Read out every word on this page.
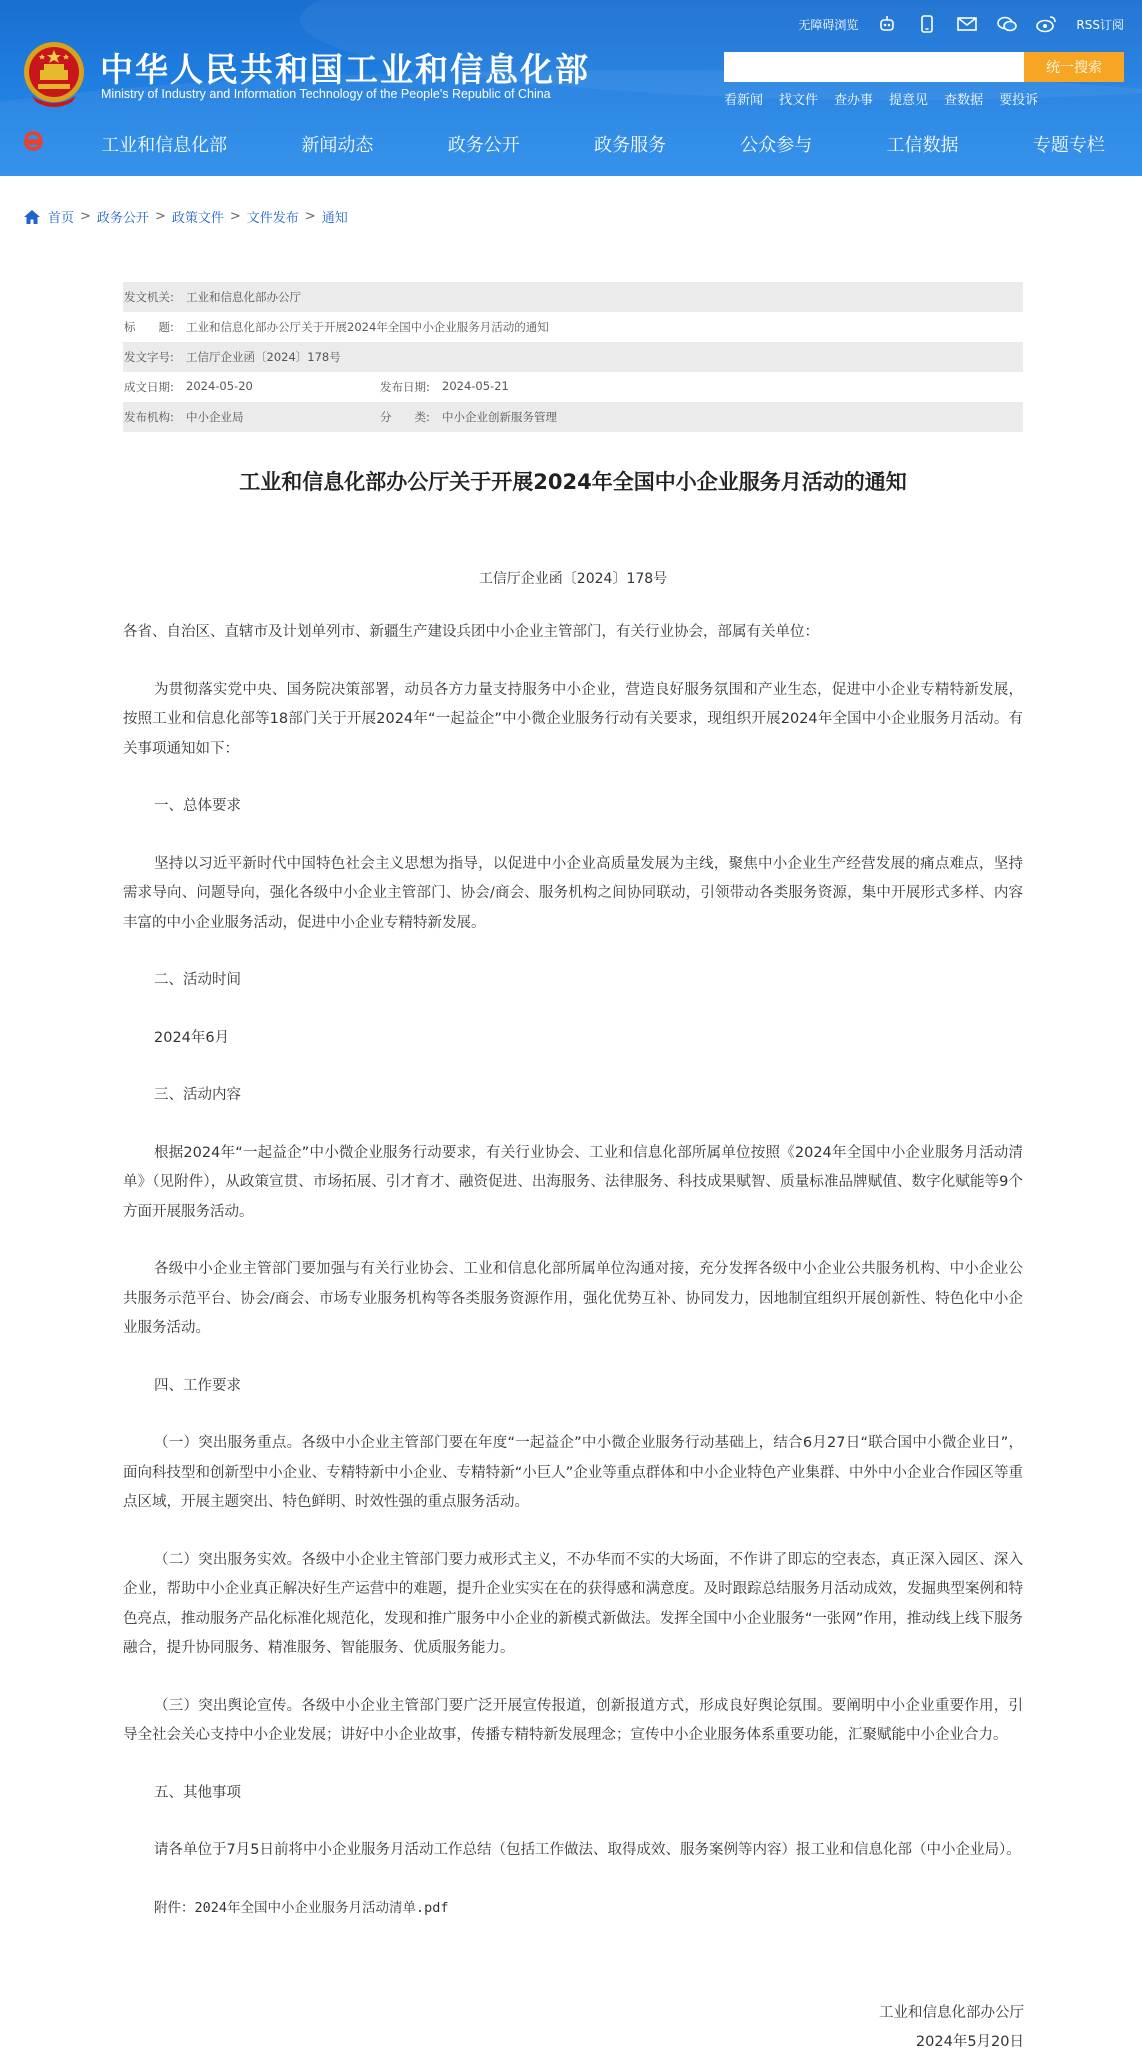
中华人民共和国工业和信息化部
Ministry of Industry and Information Technology of the People's Republic of China
无障碍浏览	RSS订阅
统一搜索
看新闻 找文件 查办事 提意见 查数据 要投诉
工业和信息化部	新闻动态	政务公开	政务服务	公众参与	工信数据	专题专栏
首页 > 政务公开 > 政策文件 > 文件发布 > 通知
发文机关:	工业和信息化部办公厅
标　　题:	工业和信息化部办公厅关于开展2024年全国中小企业服务月活动的通知
发文字号:	工信厅企业函〔2024〕178号
成文日期:	2024-05-20	发布日期:	2024-05-21
发布机构:	中小企业局	分　　类:	中小企业创新服务管理
工业和信息化部办公厅关于开展2024年全国中小企业服务月活动的通知
工信厅企业函〔2024〕178号

各省、自治区、直辖市及计划单列市、新疆生产建设兵团中小企业主管部门，有关行业协会，部属有关单位：

为贯彻落实党中央、国务院决策部署，动员各方力量支持服务中小企业，营造良好服务氛围和产业生态，促进中小企业专精特新发展，按照工业和信息化部等18部门关于开展2024年“一起益企”中小微企业服务行动有关要求，现组织开展2024年全国中小企业服务月活动。有关事项通知如下：

一、总体要求

坚持以习近平新时代中国特色社会主义思想为指导，以促进中小企业高质量发展为主线，聚焦中小企业生产经营发展的痛点难点，坚持需求导向、问题导向，强化各级中小企业主管部门、协会/商会、服务机构之间协同联动，引领带动各类服务资源，集中开展形式多样、内容丰富的中小企业服务活动，促进中小企业专精特新发展。

二、活动时间

2024年6月

三、活动内容

根据2024年“一起益企”中小微企业服务行动要求，有关行业协会、工业和信息化部所属单位按照《2024年全国中小企业服务月活动清单》（见附件），从政策宣贯、市场拓展、引才育才、融资促进、出海服务、法律服务、科技成果赋智、质量标准品牌赋值、数字化赋能等9个方面开展服务活动。

各级中小企业主管部门要加强与有关行业协会、工业和信息化部所属单位沟通对接，充分发挥各级中小企业公共服务机构、中小企业公共服务示范平台、协会/商会、市场专业服务机构等各类服务资源作用，强化优势互补、协同发力，因地制宜组织开展创新性、特色化中小企业服务活动。

四、工作要求

（一）突出服务重点。各级中小企业主管部门要在年度“一起益企”中小微企业服务行动基础上，结合6月27日“联合国中小微企业日”，面向科技型和创新型中小企业、专精特新中小企业、专精特新“小巨人”企业等重点群体和中小企业特色产业集群、中外中小企业合作园区等重点区域，开展主题突出、特色鲜明、时效性强的重点服务活动。

（二）突出服务实效。各级中小企业主管部门要力戒形式主义，不办华而不实的大场面，不作讲了即忘的空表态，真正深入园区、深入企业，帮助中小企业真正解决好生产运营中的难题，提升企业实实在在的获得感和满意度。及时跟踪总结服务月活动成效，发掘典型案例和特色亮点，推动服务产品化标准化规范化，发现和推广服务中小企业的新模式新做法。发挥全国中小企业服务“一张网”作用，推动线上线下服务融合，提升协同服务、精准服务、智能服务、优质服务能力。

（三）突出舆论宣传。各级中小企业主管部门要广泛开展宣传报道，创新报道方式，形成良好舆论氛围。要阐明中小企业重要作用，引导全社会关心支持中小企业发展；讲好中小企业故事，传播专精特新发展理念；宣传中小企业服务体系重要功能，汇聚赋能中小企业合力。

五、其他事项

请各单位于7月5日前将中小企业服务月活动工作总结（包括工作做法、取得成效、服务案例等内容）报工业和信息化部（中小企业局）。

附件：2024年全国中小企业服务月活动清单.pdf

工业和信息化部办公厅
2024年5月20日
